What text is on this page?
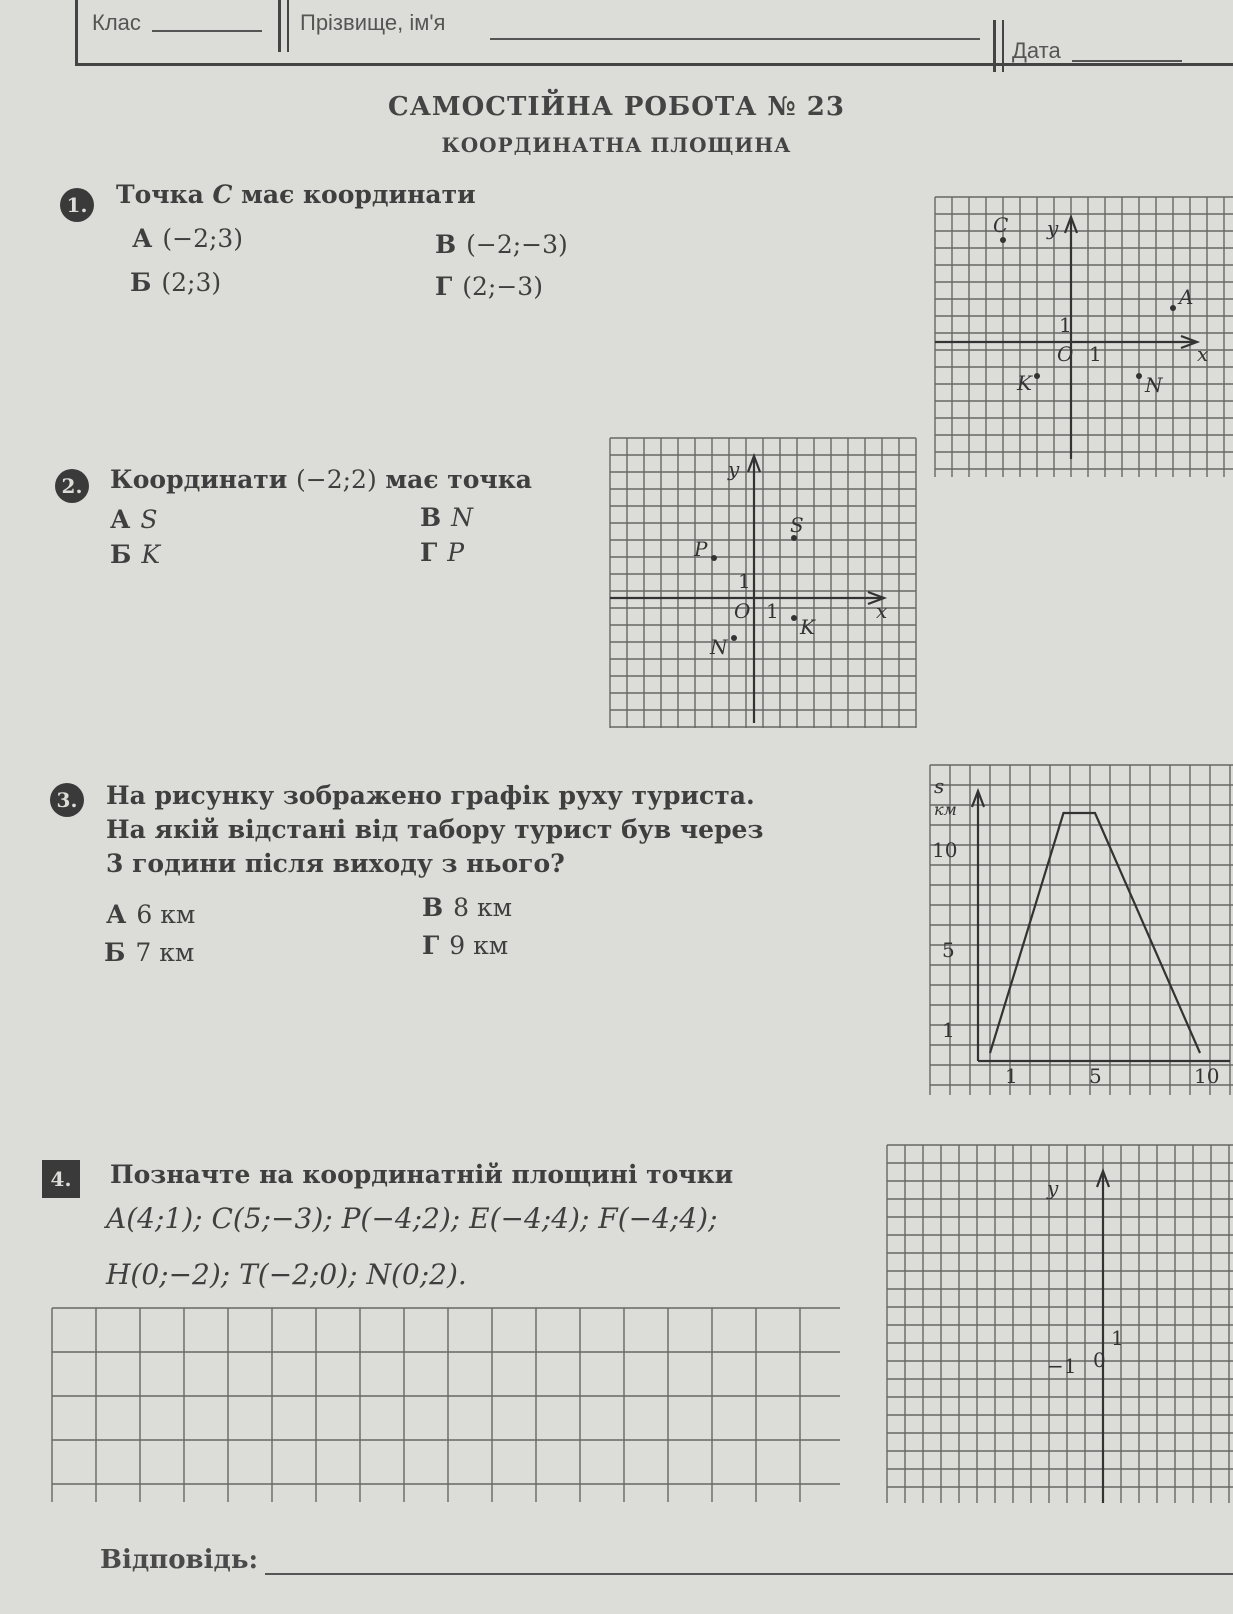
Клас	Прізвище, ім'я
Дата
САМОСТІЙНА РОБОТА № 23
КООРДИНАТНА ПЛОЩИНА
1. Точка C має координати
А (−2;3)
Б (2;3)
В (−2;−3)
Г (2;−3)
y
x
O
1
1
C
A
K	N
2. Координати (−2;2) має точка
А S
Б K
В N
Г P
y
x
O
1
1
P
S
K
N
3. На рисунку зображено графік руху туриста.
На якій відстані від табору турист був через
3 години після виходу з нього?
А 6 км
Б 7 км
В 8 км
Г 9 км
s
км
1	5	10
1
5
10
4.	Позначте на координатній площині точки
A(4;1); C(5;−3); P(−4;2); E(−4;4); F(−4;4);
H(0;−2); T(−2;0); N(0;2).
y
1
−1 0
Відповідь:
